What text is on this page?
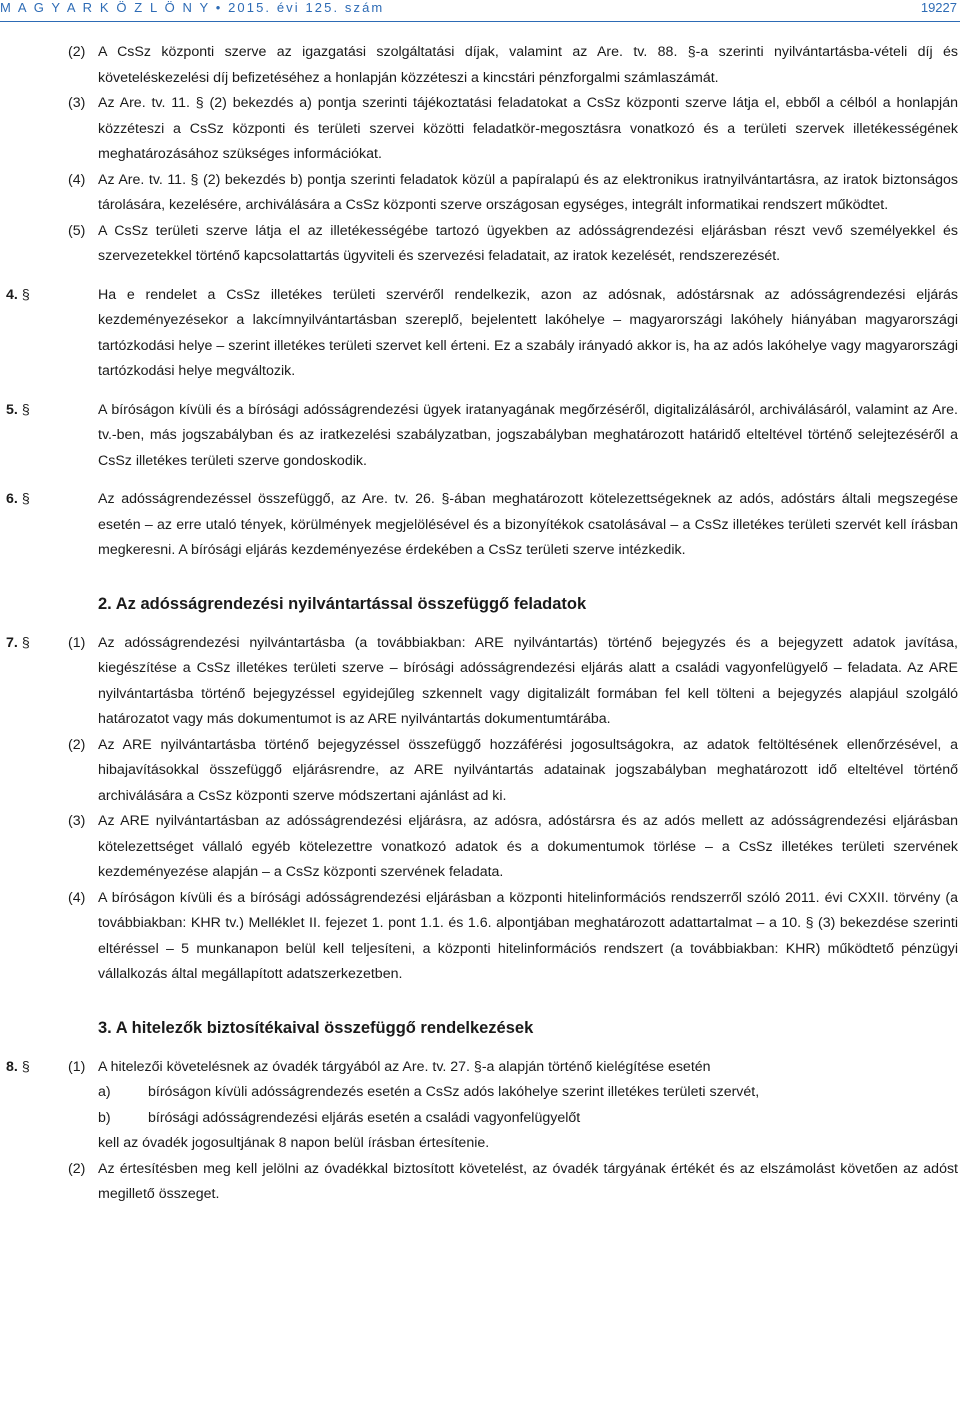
M A G Y A R K Ö Z L Ö N Y • 2015. évi 125. szám	19227
(2) A CsSz központi szerve az igazgatási szolgáltatási díjak, valamint az Are. tv. 88. §-a szerinti nyilvántartásba-vételi díj és követeléskezelési díj befizetéséhez a honlapján közzéteszi a kincstári pénzforgalmi számlaszámát.
(3) Az Are. tv. 11. § (2) bekezdés a) pontja szerinti tájékoztatási feladatokat a CsSz központi szerve látja el, ebből a célból a honlapján közzéteszi a CsSz központi és területi szervei közötti feladatkör-megosztásra vonatkozó és a területi szervek illetékességének meghatározásához szükséges információkat.
(4) Az Are. tv. 11. § (2) bekezdés b) pontja szerinti feladatok közül a papíralapú és az elektronikus iratnyilvántartásra, az iratok biztonságos tárolására, kezelésére, archiválására a CsSz központi szerve országosan egységes, integrált informatikai rendszert működtet.
(5) A CsSz területi szerve látja el az illetékességébe tartozó ügyekben az adósságrendezési eljárásban részt vevő személyekkel és szervezetekkel történő kapcsolattartás ügyviteli és szervezési feladatait, az iratok kezelését, rendszerezését.
4. §	Ha e rendelet a CsSz illetékes területi szervéről rendelkezik, azon az adósnak, adóstársnak az adósságrendezési eljárás kezdeményezésekor a lakcímnyilvántartásban szereplő, bejelentett lakóhelye – magyarországi lakóhely hiányában magyarországi tartózkodási helye – szerint illetékes területi szervet kell érteni. Ez a szabály irányadó akkor is, ha az adós lakóhelye vagy magyarországi tartózkodási helye megváltozik.
5. §	A bíróságon kívüli és a bírósági adósságrendezési ügyek iratanyagának megőrzéséről, digitalizálásáról, archiválásáról, valamint az Are. tv.-ben, más jogszabályban és az iratkezelési szabályzatban, jogszabályban meghatározott határidő elteltével történő selejtezéséről a CsSz illetékes területi szerve gondoskodik.
6. §	Az adósságrendezéssel összefüggő, az Are. tv. 26. §-ában meghatározott kötelezettségeknek az adós, adóstárs általi megszegése esetén – az erre utaló tények, körülmények megjelölésével és a bizonyítékok csatolásával – a CsSz illetékes területi szervét kell írásban megkeresni. A bírósági eljárás kezdeményezése érdekében a CsSz területi szerve intézkedik.
2. Az adósságrendezési nyilvántartással összefüggő feladatok
7. §	(1) Az adósságrendezési nyilvántartásba (a továbbiakban: ARE nyilvántartás) történő bejegyzés és a bejegyzett adatok javítása, kiegészítése a CsSz illetékes területi szerve – bírósági adósságrendezési eljárás alatt a családi vagyonfelügyelő – feladata. Az ARE nyilvántartásba történő bejegyzéssel egyidejűleg szkennelt vagy digitalizált formában fel kell tölteni a bejegyzés alapjául szolgáló határozatot vagy más dokumentumot is az ARE nyilvántartás dokumentumtárába.
(2) Az ARE nyilvántartásba történő bejegyzéssel összefüggő hozzáférési jogosultságokra, az adatok feltöltésének ellenőrzésével, a hibajavításokkal összefüggő eljárásrendre, az ARE nyilvántartás adatainak jogszabályban meghatározott idő elteltével történő archiválására a CsSz központi szerve módszertani ajánlást ad ki.
(3) Az ARE nyilvántartásban az adósságrendezési eljárásra, az adósra, adóstársra és az adós mellett az adósságrendezési eljárásban kötelezettséget vállaló egyéb kötelezettre vonatkozó adatok és a dokumentumok törlése – a CsSz illetékes területi szervének kezdeményezése alapján – a CsSz központi szervének feladata.
(4) A bíróságon kívüli és a bírósági adósságrendezési eljárásban a központi hitelinformációs rendszerről szóló 2011. évi CXXII. törvény (a továbbiakban: KHR tv.) Melléklet II. fejezet 1. pont 1.1. és 1.6. alpontjában meghatározott adattartalmat – a 10. § (3) bekezdése szerinti eltéréssel – 5 munkanapon belül kell teljesíteni, a központi hitelinformációs rendszert (a továbbiakban: KHR) működtető pénzügyi vállalkozás által megállapított adatszerkezetben.
3. A hitelezők biztosítékaival összefüggő rendelkezések
8. §	(1) A hitelezői követelésnek az óvadék tárgyából az Are. tv. 27. §-a alapján történő kielégítése esetén
a)	bíróságon kívüli adósságrendezés esetén a CsSz adós lakóhelye szerint illetékes területi szervét,
b)	bírósági adósságrendezési eljárás esetén a családi vagyonfelügyelőt
kell az óvadék jogosultjának 8 napon belül írásban értesítenie.
(2) Az értesítésben meg kell jelölni az óvadékkal biztosított követelést, az óvadék tárgyának értékét és az elszámolást követően az adóst megillető összeget.
